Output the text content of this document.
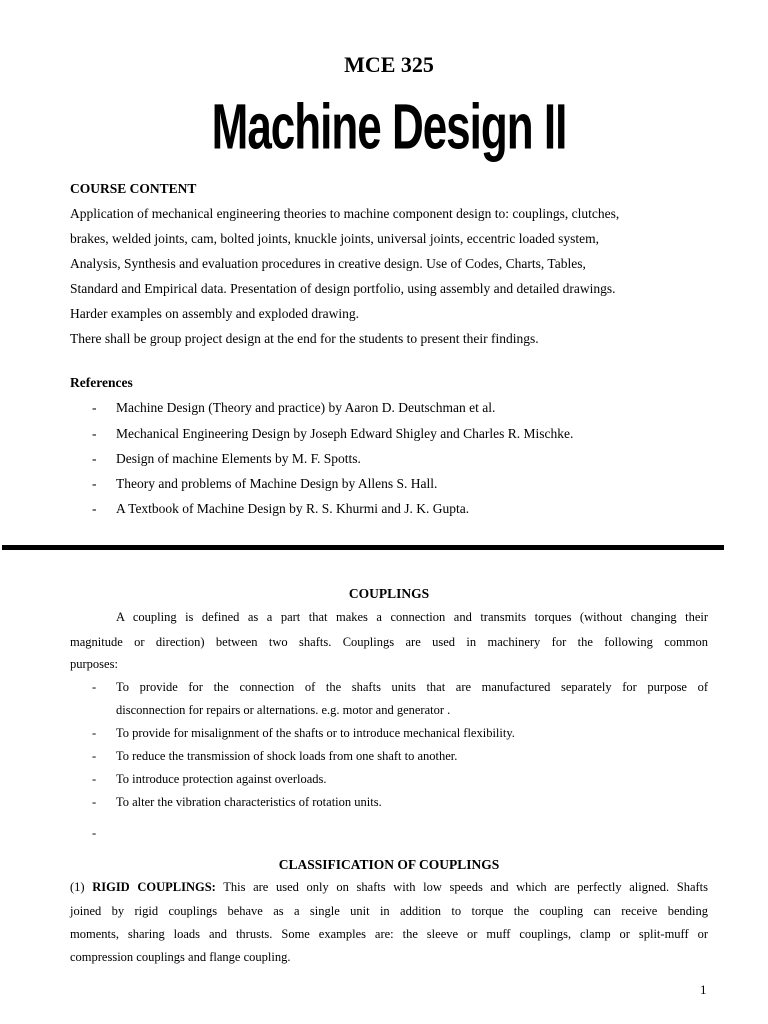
MCE 325
Machine Design II
COURSE CONTENT
Application of mechanical engineering theories to machine component design to: couplings, clutches,
brakes, welded joints, cam, bolted joints, knuckle joints, universal joints, eccentric loaded system,
Analysis, Synthesis and evaluation procedures in creative design. Use of Codes, Charts, Tables,
Standard and Empirical data. Presentation of design portfolio, using assembly and detailed drawings.
Harder examples on assembly and exploded drawing.
There shall be group project design at the end for the students to present their findings.
References
- Machine Design (Theory and practice) by Aaron D. Deutschman et al.
- Mechanical Engineering Design by Joseph Edward Shigley and Charles R. Mischke.
- Design of machine Elements by M. F. Spotts.
- Theory and problems of Machine Design by Allens S. Hall.
- A Textbook of Machine Design by R. S. Khurmi and J. K. Gupta.
COUPLINGS
A coupling is defined as a part that makes a connection and transmits torques (without changing their
magnitude or direction) between two shafts. Couplings are used in machinery for the following common
purposes:
- To provide for the connection of the shafts units that are manufactured separately for purpose of
disconnection for repairs or alternations. e.g. motor and generator .
- To provide for misalignment of the shafts or to introduce mechanical flexibility.
- To reduce the transmission of shock loads from one shaft to another.
- To introduce protection against overloads.
- To alter the vibration characteristics of rotation units.
-
CLASSIFICATION OF COUPLINGS
(1) RIGID COUPLINGS: This are used only on shafts with low speeds and which are perfectly aligned. Shafts
joined by rigid couplings behave as a single unit in addition to torque the coupling can receive bending
moments, sharing loads and thrusts. Some examples are: the sleeve or muff couplings, clamp or split-muff or
compression couplings and flange coupling.
1
